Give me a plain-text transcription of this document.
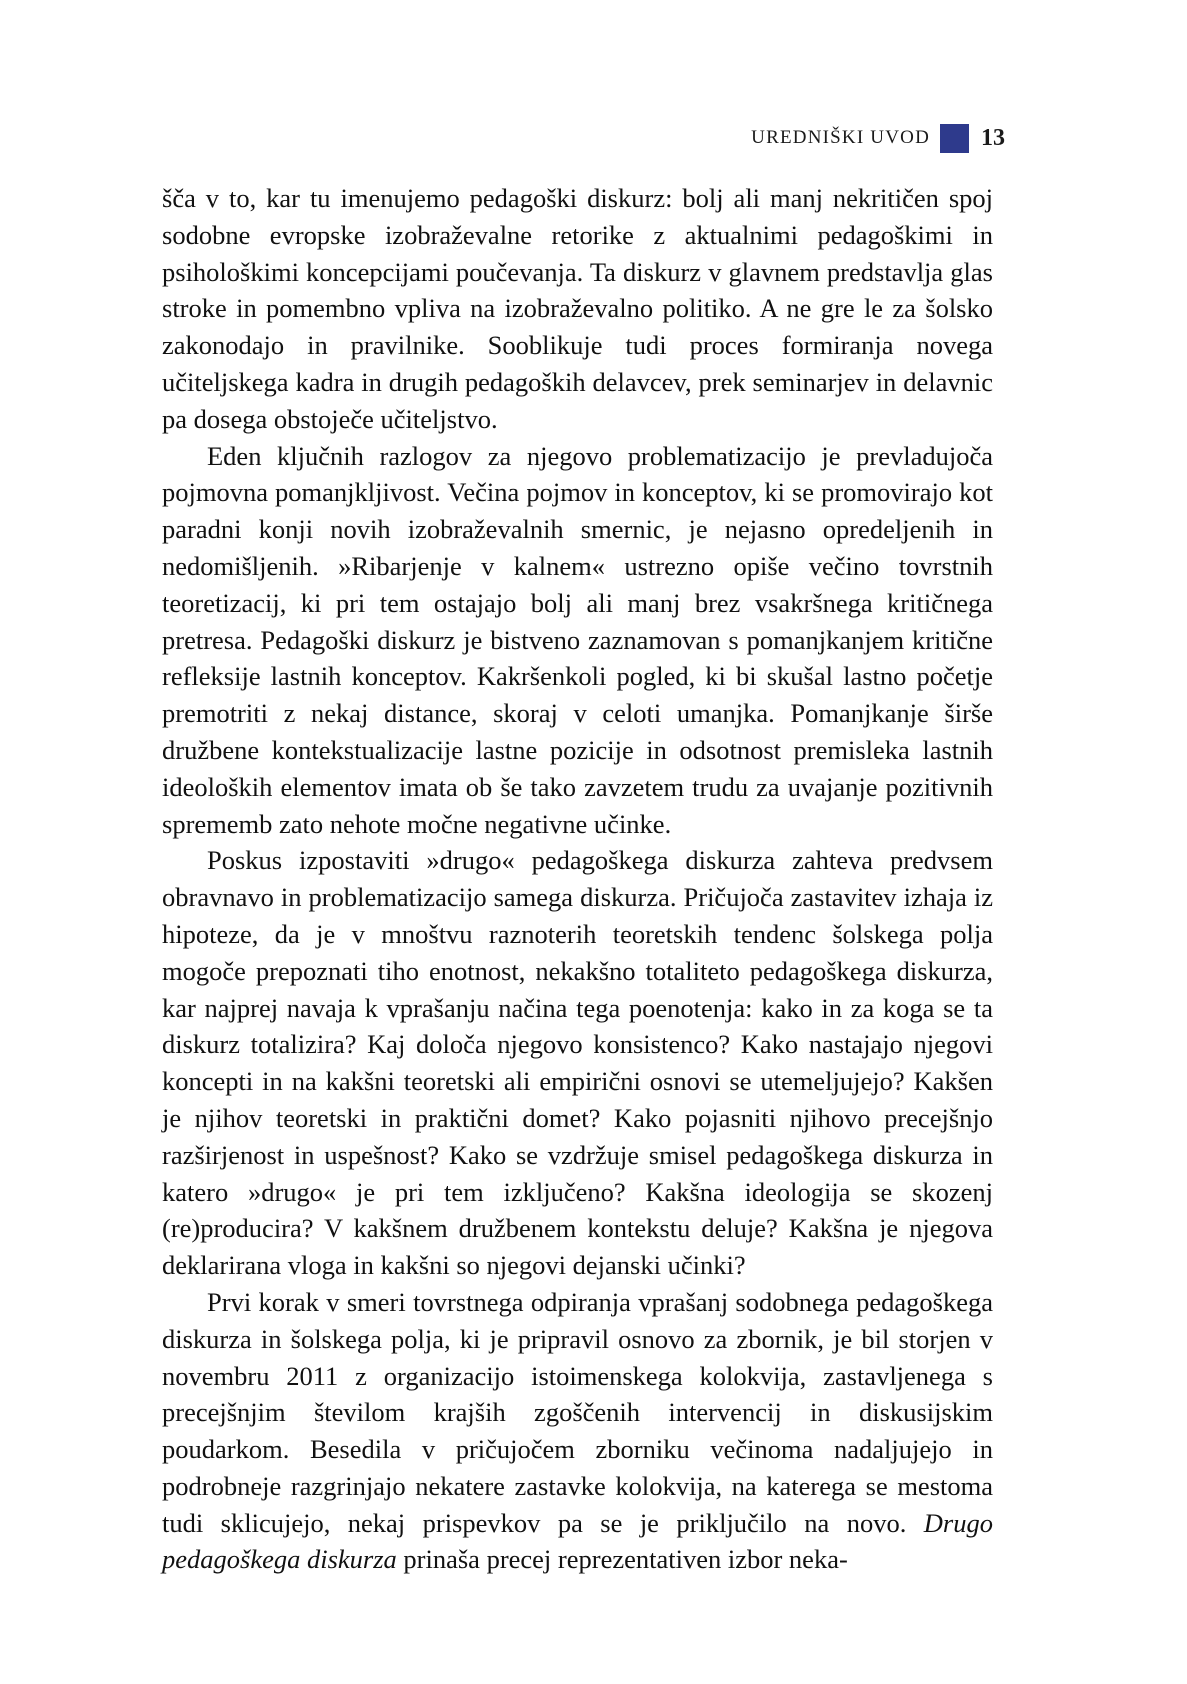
UREDNIŠKI UVOD 13

šča v to, kar tu imenujemo pedagoški diskurz: bolj ali manj nekritičen spoj sodobne evropske izobraževalne retorike z aktualnimi pedagoškimi in psihološkimi koncepcijami poučevanja. Ta diskurz v glavnem predstavlja glas stroke in pomembno vpliva na izobraževalno politiko. A ne gre le za šolsko zakonodajo in pravilnike. Sooblikuje tudi proces formiranja novega učiteljskega kadra in drugih pedagoških delavcev, prek seminarjev in delavnic pa dosega obstoječe učiteljstvo.

Eden ključnih razlogov za njegovo problematizacijo je prevladujoča pojmovna pomanjkljivost. Večina pojmov in konceptov, ki se promovirajo kot paradni konji novih izobraževalnih smernic, je nejasno opredeljenih in nedomišljenih. »Ribarjenje v kalnem« ustrezno opiše večino tovrstnih teoretizacij, ki pri tem ostajajo bolj ali manj brez vsakršnega kritičnega pretresa. Pedagoški diskurz je bistveno zaznamovan s pomanjkanjem kritične refleksije lastnih konceptov. Kakršenkoli pogled, ki bi skušal lastno početje premotriti z nekaj distance, skoraj v celoti umanjka. Pomanjkanje širše družbene kontekstualizacije lastne pozicije in odsotnost premisleka lastnih ideoloških elementov imata ob še tako zavzetem trudu za uvajanje pozitivnih sprememb zato nehote močne negativne učinke.

Poskus izpostaviti »drugo« pedagoškega diskurza zahteva predvsem obravnavo in problematizacijo samega diskurza. Pričujoča zastavitev izhaja iz hipoteze, da je v mnoštvu raznoterih teoretskih tendenc šolskega polja mogoče prepoznati tiho enotnost, nekakšno totaliteto pedagoškega diskurza, kar najprej navaja k vprašanju načina tega poenotenja: kako in za koga se ta diskurz totalizira? Kaj določa njegovo konsistenco? Kako nastajajo njegovi koncepti in na kakšni teoretski ali empirični osnovi se utemeljujejo? Kakšen je njihov teoretski in praktični domet? Kako pojasniti njihovo precejšnjo razširjenost in uspešnost? Kako se vzdržuje smisel pedagoškega diskurza in katero »drugo« je pri tem izključeno? Kakšna ideologija se skozenj (re)producira? V kakšnem družbenem kontekstu deluje? Kakšna je njegova deklarirana vloga in kakšni so njegovi dejanski učinki?

Prvi korak v smeri tovrstnega odpiranja vprašanj sodobnega pedagoškega diskurza in šolskega polja, ki je pripravil osnovo za zbornik, je bil storjen v novembru 2011 z organizacijo istoimenskega kolokvija, zastavljenega s precejšnjim številom krajših zgoščenih intervencij in diskusijskim poudarkom. Besedila v pričujočem zborniku večinoma nadaljujejo in podrobneje razgrinjajo nekatere zastavke kolokvija, na katerega se mestoma tudi sklicujejo, nekaj prispevkov pa se je priključilo na novo. Drugo pedagoškega diskurza prinaša precej reprezentativen izbor neka-
